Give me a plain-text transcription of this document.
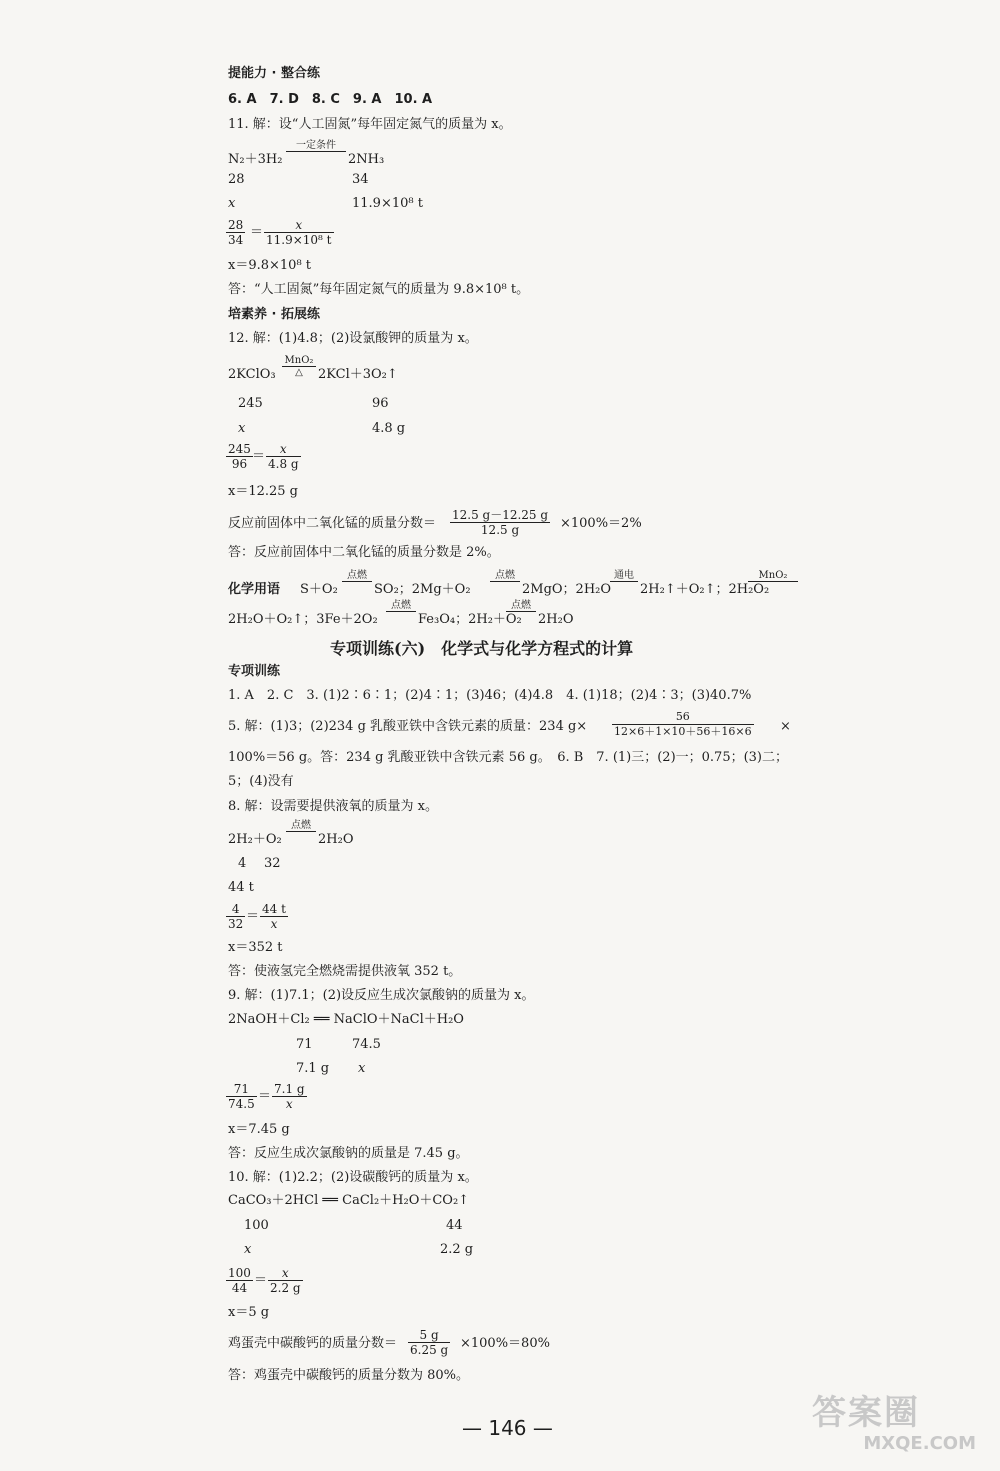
提能力 · 整合练
6. A　7. D　8. C　9. A　10. A
11. 解：设“人工固氮”每年固定氮气的质量为 x。
N₂＋3H₂
一定条件
2NH₃
28	34
x	11.9×10⁸ t
$\frac{28}{34} = \frac{x}{\text{11.9×10⁸ t}}$
x＝9.8×10⁸ t
答：“人工固氮”每年固定氮气的质量为 9.8×10⁸ t。
培素养 · 拓展练
12. 解：(1)4.8；(2)设氯酸钾的质量为 x。
2KClO₃
MnO₂
△	2KCl＋3O₂↑
245	96
x	4.8 g
$\frac{245}{96} = \frac{x}{4.8 g}$
x＝12.25 g
反应前固体中二氧化锰的质量分数＝ $\frac{12.5 g-12.25 g}{12.5 g} \times 100\%=2\%$
答：反应前固体中二氧化锰的质量分数是 2%。
化学用语 S＋O₂
点燃
SO₂；2Mg＋O₂
点燃
2MgO；2H₂O
通电
2H₂↑＋O₂↑；2H₂O₂
MnO₂
2H₂O＋O₂↑；3Fe＋2O₂
点燃
Fe₃O₄；2H₂＋O₂
点燃
2H₂O
专项训练(六)　化学式与化学方程式的计算
专项训练
1. A　2. C　3. (1)2∶6∶1；(2)4∶1；(3)46；(4)4.8　4. (1)18；(2)4∶3；(3)40.7%
5. 解：(1)3；(2)234 g 乳酸亚铁中含铁元素的质量：234 $g\times \frac{56}{12\times 6+1\times 10+56+16\times 6}$ ×
100%＝56 g。答：234 g 乳酸亚铁中含铁元素 56 g。　6. B　7. (1)三；(2)一；0.75；(3)二；
5；(4)没有
8. 解：设需要提供液氧的质量为 x。
2H₂＋O₂
点燃
2H₂O
4 32
44 t
$\frac{4}{32} = \frac{44 t}{x}$
x＝352 t
答：使液氢完全燃烧需提供液氧 352 t。
9. 解：(1)7.1；(2)设反应生成次氯酸钠的质量为 x。
2NaOH＋Cl₂ ══ NaClO＋NaCl＋H₂O
71	74.5
7.1 g x
$\frac{71}{74.5} = \frac{7.1 g}{x}$
x＝7.45 g
答：反应生成次氯酸钠的质量是 7.45 g。
10. 解：(1)2.2；(2)设碳酸钙的质量为 x。
CaCO₃＋2HCl ══ CaCl₂＋H₂O＋CO₂↑
100	44
x	2.2 g
$\frac{100}{44} = \frac{x}{2.2 g}$
x＝5 g
鸡蛋壳中碳酸钙的质量分数＝ $\frac{5 g}{6.25 g} \times 100\%=80\%$
答：鸡蛋壳中碳酸钙的质量分数为 80%。
— 146 —	答案圈
MXQE.COM
